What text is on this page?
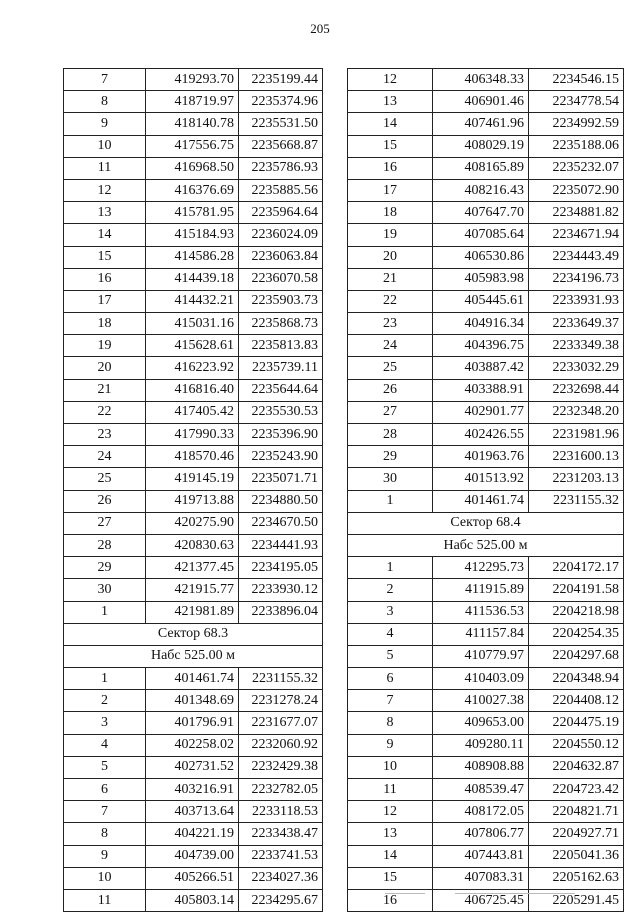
205
7	419293.70	2235199.44
8	418719.97	2235374.96
9	418140.78	2235531.50
10	417556.75	2235668.87
11	416968.50	2235786.93
12	416376.69	2235885.56
13	415781.95	2235964.64
14	415184.93	2236024.09
15	414586.28	2236063.84
16	414439.18	2236070.58
17	414432.21	2235903.73
18	415031.16	2235868.73
19	415628.61	2235813.83
20	416223.92	2235739.11
21	416816.40	2235644.64
22	417405.42	2235530.53
23	417990.33	2235396.90
24	418570.46	2235243.90
25	419145.19	2235071.71
26	419713.88	2234880.50
27	420275.90	2234670.50
28	420830.63	2234441.93
29	421377.45	2234195.05
30	421915.77	2233930.12
1	421981.89	2233896.04
Сектор 68.3		
Набс 525.00 м		
1	401461.74	2231155.32
2	401348.69	2231278.24
3	401796.91	2231677.07
4	402258.02	2232060.92
5	402731.52	2232429.38
6	403216.91	2232782.05
7	403713.64	2233118.53
8	404221.19	2233438.47
9	404739.00	2233741.53
10	405266.51	2234027.36
11	405803.14	2234295.67
12	406348.33	2234546.15
13	406901.46	2234778.54
14	407461.96	2234992.59
15	408029.19	2235188.06
16	408165.89	2235232.07
17	408216.43	2235072.90
18	407647.70	2234881.82
19	407085.64	2234671.94
20	406530.86	2234443.49
21	405983.98	2234196.73
22	405445.61	2233931.93
23	404916.34	2233649.37
24	404396.75	2233349.38
25	403887.42	2233032.29
26	403388.91	2232698.44
27	402901.77	2232348.20
28	402426.55	2231981.96
29	401963.76	2231600.13
30	401513.92	2231203.13
1	401461.74	2231155.32
Сектор 68.4		
Набс 525.00 м		
1	412295.73	2204172.17
2	411915.89	2204191.58
3	411536.53	2204218.98
4	411157.84	2204254.35
5	410779.97	2204297.68
6	410403.09	2204348.94
7	410027.38	2204408.12
8	409653.00	2204475.19
9	409280.11	2204550.12
10	408908.88	2204632.87
11	408539.47	2204723.42
12	408172.05	2204821.71
13	407806.77	2204927.71
14	407443.81	2205041.36
15	407083.31	2205162.63
16	406725.45	2205291.45
